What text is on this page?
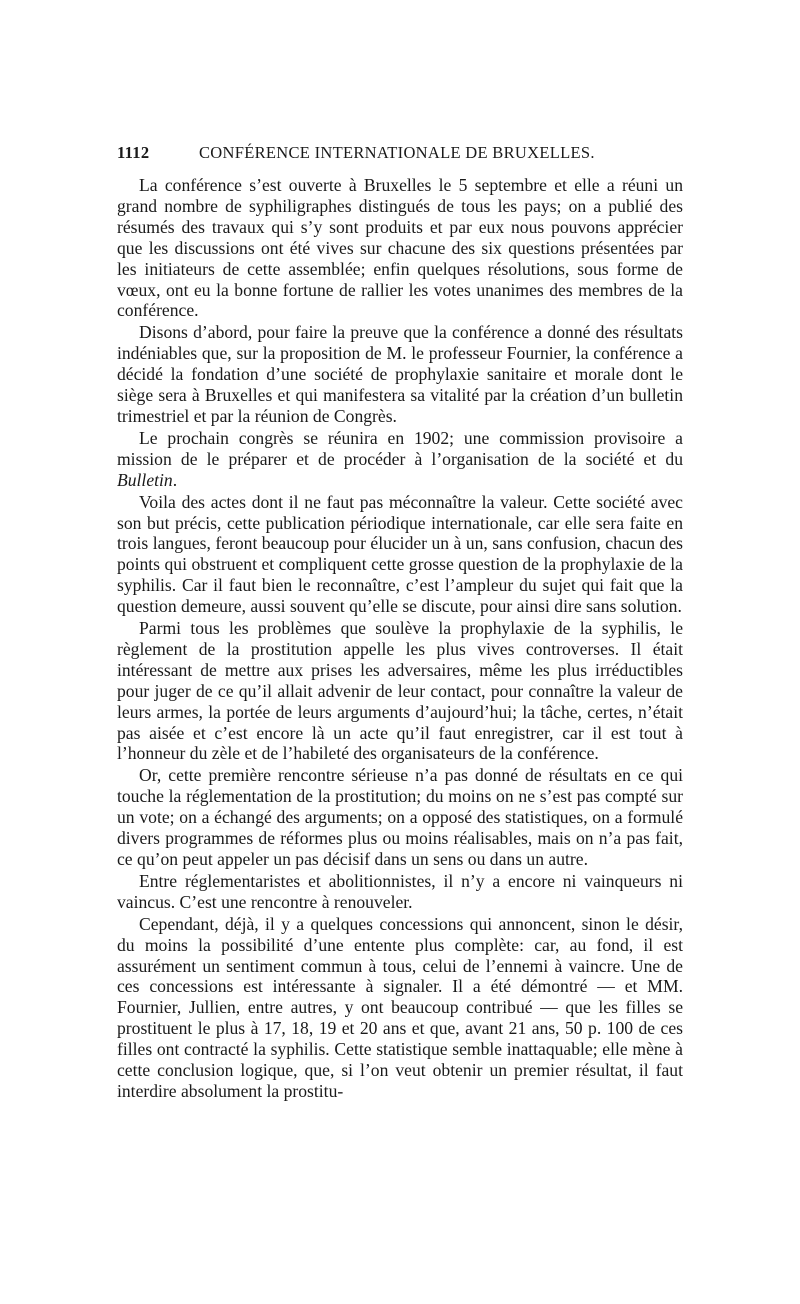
1112	CONFÉRENCE INTERNATIONALE DE BRUXELLES.

La conférence s’est ouverte à Bruxelles le 5 septembre et elle a réuni un grand nombre de syphiligraphes distingués de tous les pays; on a publié des résumés des travaux qui s’y sont produits et par eux nous pouvons apprécier que les discussions ont été vives sur chacune des six questions présentées par les initiateurs de cette assemblée; enfin quelques résolutions, sous forme de vœux, ont eu la bonne fortune de rallier les votes unanimes des membres de la conférence.

Disons d’abord, pour faire la preuve que la conférence a donné des résultats indéniables que, sur la proposition de M. le professeur Fournier, la conférence a décidé la fondation d’une société de prophylaxie sanitaire et morale dont le siège sera à Bruxelles et qui manifestera sa vitalité par la création d’un bulletin trimestriel et par la réunion de Congrès.

Le prochain congrès se réunira en 1902; une commission provisoire a mission de le préparer et de procéder à l’organisation de la société et du Bulletin.

Voila des actes dont il ne faut pas méconnaître la valeur. Cette société avec son but précis, cette publication périodique internationale, car elle sera faite en trois langues, feront beaucoup pour élucider un à un, sans confusion, chacun des points qui obstruent et compliquent cette grosse question de la prophylaxie de la syphilis. Car il faut bien le reconnaître, c’est l’ampleur du sujet qui fait que la question demeure, aussi souvent qu’elle se discute, pour ainsi dire sans solution.

Parmi tous les problèmes que soulève la prophylaxie de la syphilis, le règlement de la prostitution appelle les plus vives controverses. Il était intéressant de mettre aux prises les adversaires, même les plus irréductibles pour juger de ce qu’il allait advenir de leur contact, pour connaître la valeur de leurs armes, la portée de leurs arguments d’aujourd’hui; la tâche, certes, n’était pas aisée et c’est encore là un acte qu’il faut enregistrer, car il est tout à l’honneur du zèle et de l’habileté des organisateurs de la conférence.

Or, cette première rencontre sérieuse n’a pas donné de résultats en ce qui touche la réglementation de la prostitution; du moins on ne s’est pas compté sur un vote; on a échangé des arguments; on a opposé des statistiques, on a formulé divers programmes de réformes plus ou moins réalisables, mais on n’a pas fait, ce qu’on peut appeler un pas décisif dans un sens ou dans un autre.

Entre réglementaristes et abolitionnistes, il n’y a encore ni vainqueurs ni vaincus. C’est une rencontre à renouveler.

Cependant, déjà, il y a quelques concessions qui annoncent, sinon le désir, du moins la possibilité d’une entente plus complète: car, au fond, il est assurément un sentiment commun à tous, celui de l’ennemi à vaincre. Une de ces concessions est intéressante à signaler. Il a été démontré — et MM. Fournier, Jullien, entre autres, y ont beaucoup contribué — que les filles se prostituent le plus à 17, 18, 19 et 20 ans et que, avant 21 ans, 50 p. 100 de ces filles ont contracté la syphilis. Cette statistique semble inattaquable; elle mène à cette conclusion logique, que, si l’on veut obtenir un premier résultat, il faut interdire absolument la prostitu-
